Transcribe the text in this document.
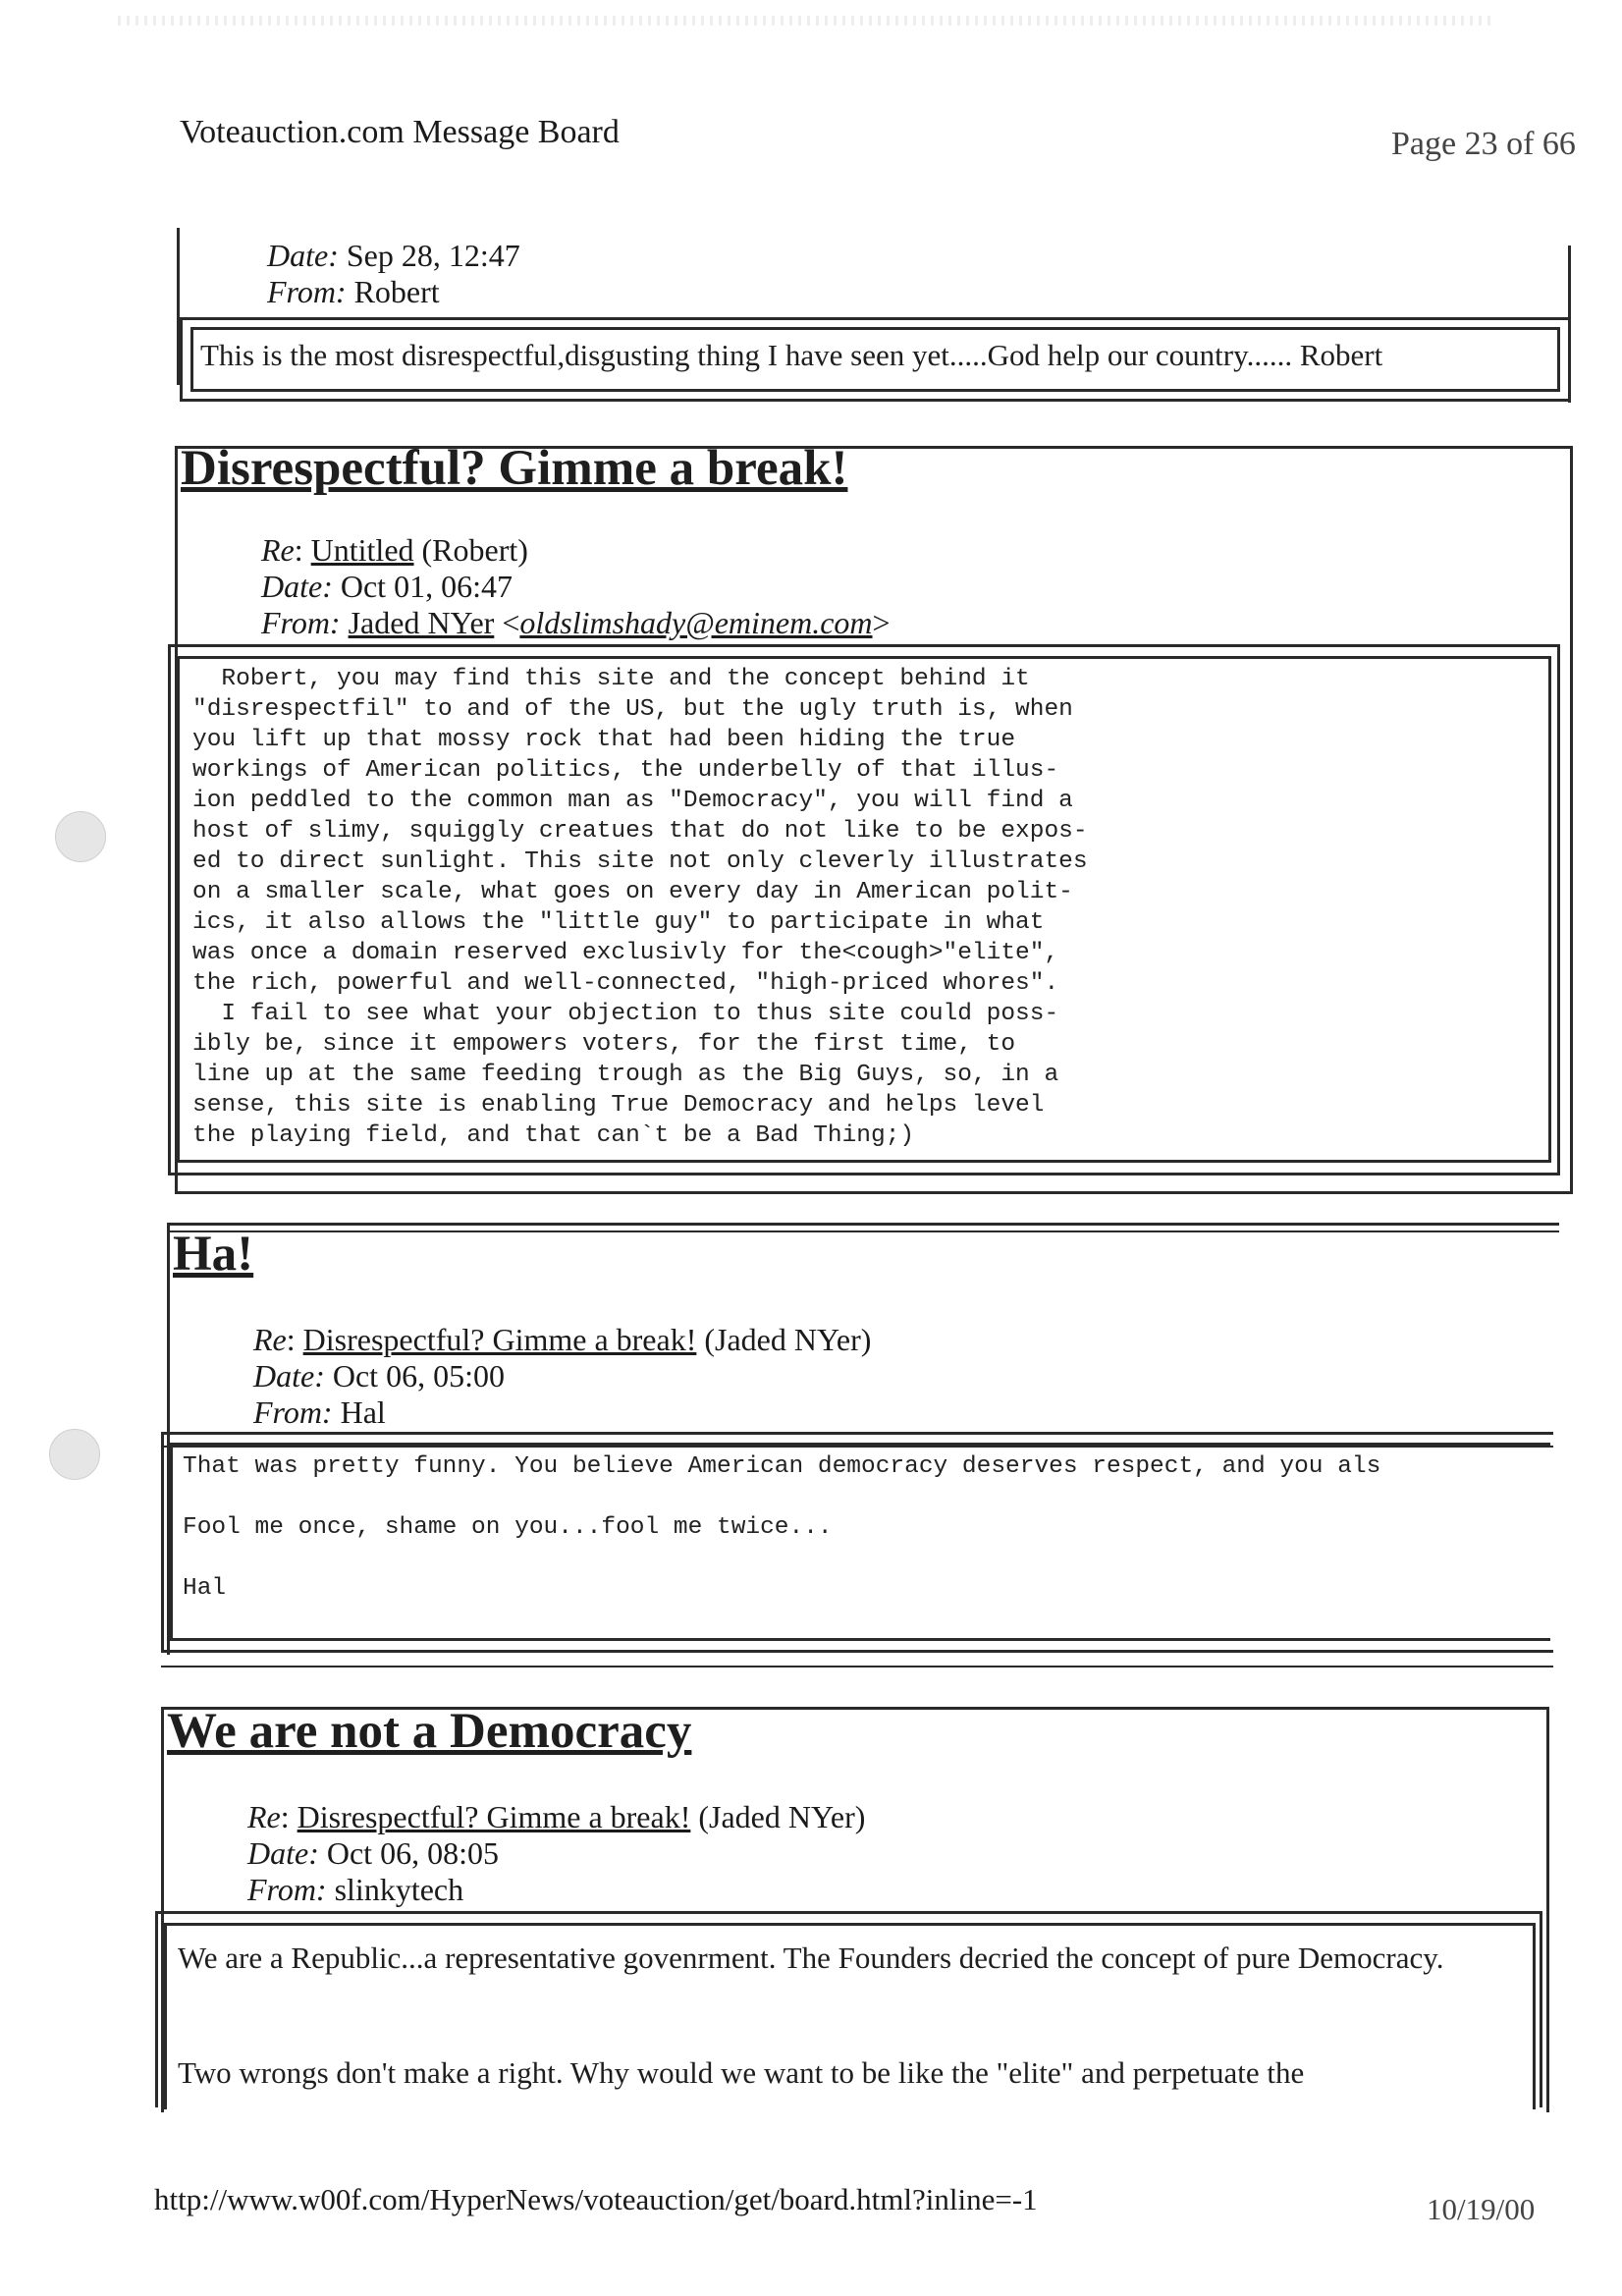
Voteauction.com Message Board	Page 23 of 66
Date: Sep 28, 12:47
From: Robert
This is the most disrespectful,disgusting thing I have seen yet.....God help our country...... Robert
Disrespectful? Gimme a break!
Re: Untitled (Robert)
Date: Oct 01, 06:47
From: Jaded NYer <oldslimshady@eminem.com>
Robert, you may find this site and the concept behind it
"disrespectfil" to and of the US, but the ugly truth is, when
you lift up that mossy rock that had been hiding the true
workings of American politics, the underbelly of that illus-
ion peddled to the common man as "Democracy", you will find a
host of slimy, squiggly creatues that do not like to be expos-
ed to direct sunlight. This site not only cleverly illustrates
on a smaller scale, what goes on every day in American polit-
ics, it also allows the "little guy" to participate in what
was once a domain reserved exclusivly for the<cough>"elite",
the rich, powerful and well-connected, "high-priced whores".
I fail to see what your objection to thus site could poss-
ibly be, since it empowers voters, for the first time, to
line up at the same feeding trough as the Big Guys, so, in a
sense, this site is enabling True Democracy and helps level
the playing field, and that can`t be a Bad Thing;)
Ha!
Re: Disrespectful? Gimme a break! (Jaded NYer)
Date: Oct 06, 05:00
From: Hal
That was pretty funny. You believe American democracy deserves respect, and you als

Fool me once, shame on you...fool me twice...

Hal
We are not a Democracy
Re: Disrespectful? Gimme a break! (Jaded NYer)
Date: Oct 06, 08:05
From: slinkytech
We are a Republic...a representative govenrment. The Founders decried the concept of pure Democracy.
Two wrongs don't make a right. Why would we want to be like the "elite" and perpetuate the
http://www.w00f.com/HyperNews/voteauction/get/board.html?inline=-1	10/19/00
